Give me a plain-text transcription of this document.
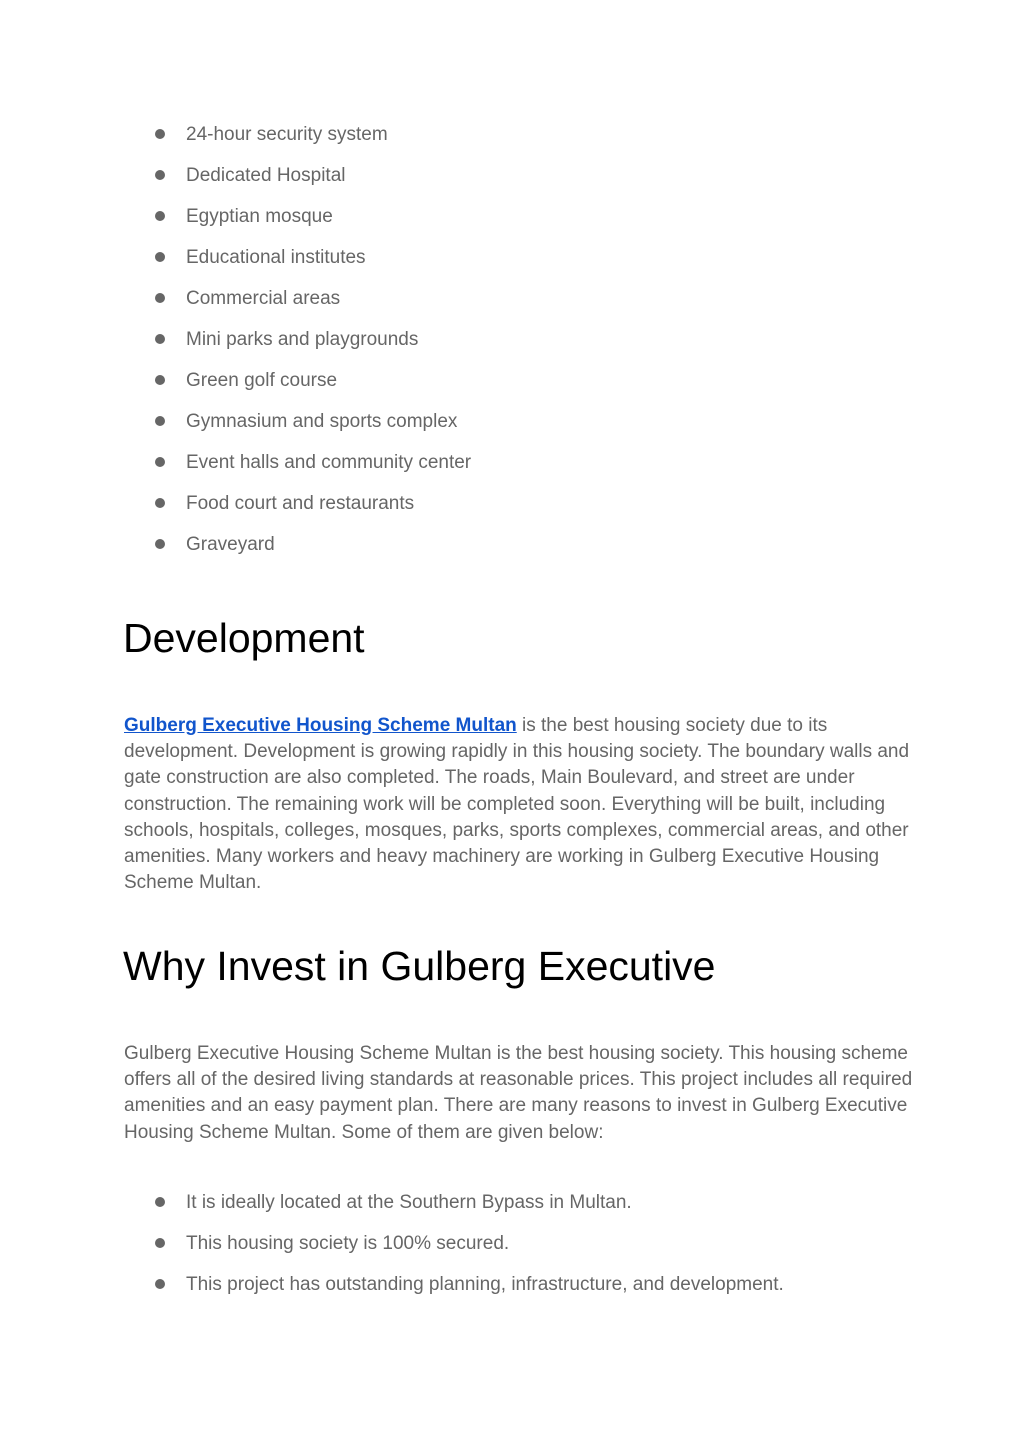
24-hour security system
Dedicated Hospital
Egyptian mosque
Educational institutes
Commercial areas
Mini parks and playgrounds
Green golf course
Gymnasium and sports complex
Event halls and community center
Food court and restaurants
Graveyard
Development

Gulberg Executive Housing Scheme Multan is the best housing society due to its development. Development is growing rapidly in this housing society. The boundary walls and gate construction are also completed. The roads, Main Boulevard, and street are under construction. The remaining work will be completed soon. Everything will be built, including schools, hospitals, colleges, mosques, parks, sports complexes, commercial areas, and other amenities. Many workers and heavy machinery are working in Gulberg Executive Housing Scheme Multan.

Why Invest in Gulberg Executive

Gulberg Executive Housing Scheme Multan is the best housing society. This housing scheme offers all of the desired living standards at reasonable prices. This project includes all required amenities and an easy payment plan. There are many reasons to invest in Gulberg Executive Housing Scheme Multan. Some of them are given below:

It is ideally located at the Southern Bypass in Multan.
This housing society is 100% secured.
This project has outstanding planning, infrastructure, and development.
